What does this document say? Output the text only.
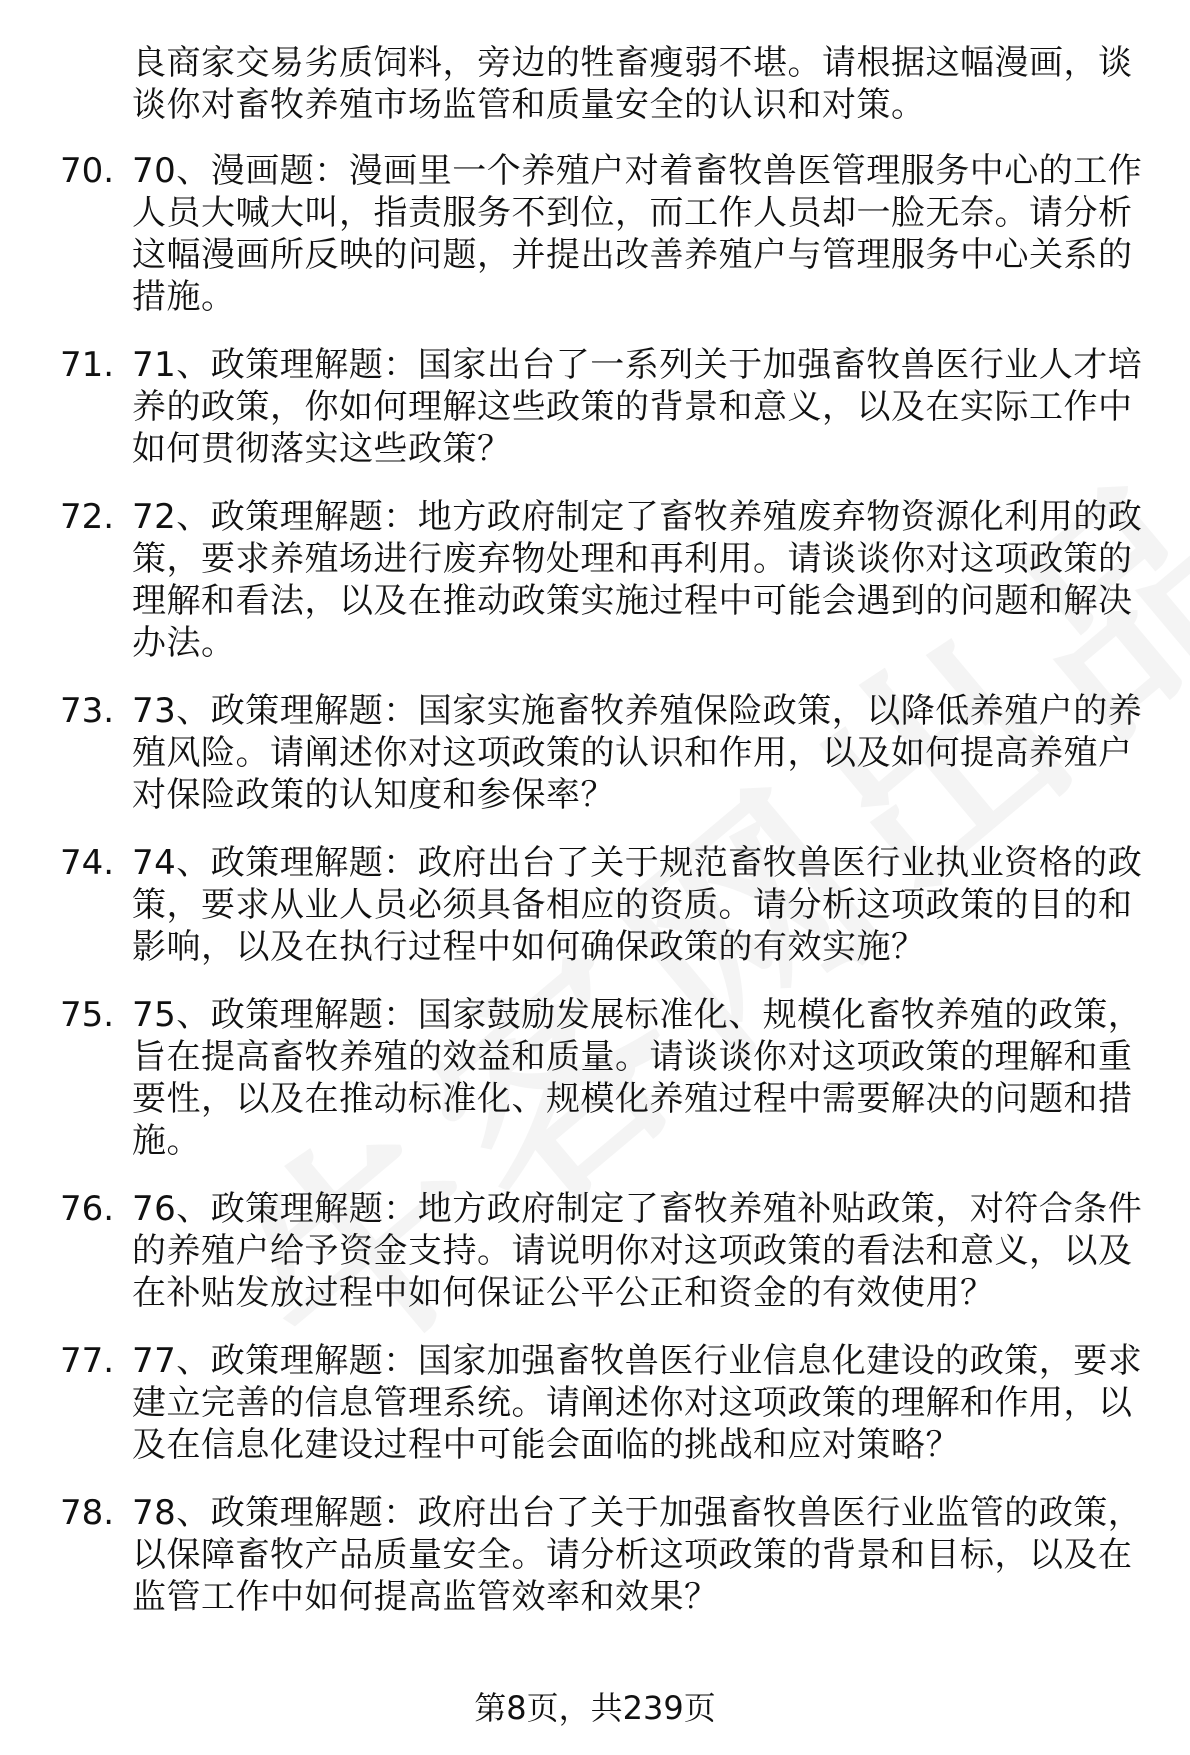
良商家交易劣质饲料，旁边的牲畜瘦弱不堪。请根据这幅漫画，谈谈你对畜牧养殖市场监管和质量安全的认识和对策。
70. 70、漫画题：漫画里一个养殖户对着畜牧兽医管理服务中心的工作人员大喊大叫，指责服务不到位，而工作人员却一脸无奈。请分析这幅漫画所反映的问题，并提出改善养殖户与管理服务中心关系的措施。
71. 71、政策理解题：国家出台了一系列关于加强畜牧兽医行业人才培养的政策，你如何理解这些政策的背景和意义，以及在实际工作中如何贯彻落实这些政策？
72. 72、政策理解题：地方政府制定了畜牧养殖废弃物资源化利用的政策，要求养殖场进行废弃物处理和再利用。请谈谈你对这项政策的理解和看法，以及在推动政策实施过程中可能会遇到的问题和解决办法。
73. 73、政策理解题：国家实施畜牧养殖保险政策，以降低养殖户的养殖风险。请阐述你对这项政策的认识和作用，以及如何提高养殖户对保险政策的认知度和参保率？
74. 74、政策理解题：政府出台了关于规范畜牧兽医行业执业资格的政策，要求从业人员必须具备相应的资质。请分析这项政策的目的和影响，以及在执行过程中如何确保政策的有效实施？
75. 75、政策理解题：国家鼓励发展标准化、规模化畜牧养殖的政策，旨在提高畜牧养殖的效益和质量。请谈谈你对这项政策的理解和重要性，以及在推动标准化、规模化养殖过程中需要解决的问题和措施。
76. 76、政策理解题：地方政府制定了畜牧养殖补贴政策，对符合条件的养殖户给予资金支持。请说明你对这项政策的看法和意义，以及在补贴发放过程中如何保证公平公正和资金的有效使用？
77. 77、政策理解题：国家加强畜牧兽医行业信息化建设的政策，要求建立完善的信息管理系统。请阐述你对这项政策的理解和作用，以及在信息化建设过程中可能会面临的挑战和应对策略？
78. 78、政策理解题：政府出台了关于加强畜牧兽医行业监管的政策，以保障畜牧产品质量安全。请分析这项政策的背景和目标，以及在监管工作中如何提高监管效率和效果？
第8页，共239页
